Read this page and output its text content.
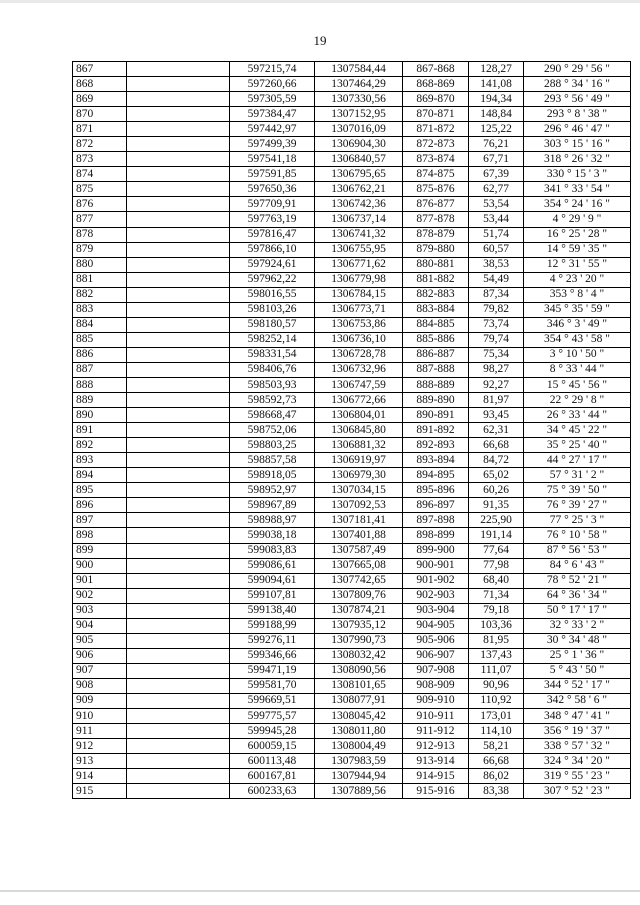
19
867		597215,74	1307584,44	867-868	128,27	290 ° 29 ' 56 "
868		597260,66	1307464,29	868-869	141,08	288 ° 34 ' 16 "
869		597305,59	1307330,56	869-870	194,34	293 ° 56 ' 49 "
870		597384,47	1307152,95	870-871	148,84	293 ° 8 ' 38 "
871		597442,97	1307016,09	871-872	125,22	296 ° 46 ' 47 "
872		597499,39	1306904,30	872-873	76,21	303 ° 15 ' 16 "
873		597541,18	1306840,57	873-874	67,71	318 ° 26 ' 32 "
874		597591,85	1306795,65	874-875	67,39	330 ° 15 ' 3 "
875		597650,36	1306762,21	875-876	62,77	341 ° 33 ' 54 "
876		597709,91	1306742,36	876-877	53,54	354 ° 24 ' 16 "
877		597763,19	1306737,14	877-878	53,44	4 ° 29 ' 9 "
878		597816,47	1306741,32	878-879	51,74	16 ° 25 ' 28 "
879		597866,10	1306755,95	879-880	60,57	14 ° 59 ' 35 "
880		597924,61	1306771,62	880-881	38,53	12 ° 31 ' 55 "
881		597962,22	1306779,98	881-882	54,49	4 ° 23 ' 20 "
882		598016,55	1306784,15	882-883	87,34	353 ° 8 ' 4 "
883		598103,26	1306773,71	883-884	79,82	345 ° 35 ' 59 "
884		598180,57	1306753,86	884-885	73,74	346 ° 3 ' 49 "
885		598252,14	1306736,10	885-886	79,74	354 ° 43 ' 58 "
886		598331,54	1306728,78	886-887	75,34	3 ° 10 ' 50 "
887		598406,76	1306732,96	887-888	98,27	8 ° 33 ' 44 "
888		598503,93	1306747,59	888-889	92,27	15 ° 45 ' 56 "
889		598592,73	1306772,66	889-890	81,97	22 ° 29 ' 8 "
890		598668,47	1306804,01	890-891	93,45	26 ° 33 ' 44 "
891		598752,06	1306845,80	891-892	62,31	34 ° 45 ' 22 "
892		598803,25	1306881,32	892-893	66,68	35 ° 25 ' 40 "
893		598857,58	1306919,97	893-894	84,72	44 ° 27 ' 17 "
894		598918,05	1306979,30	894-895	65,02	57 ° 31 ' 2 "
895		598952,97	1307034,15	895-896	60,26	75 ° 39 ' 50 "
896		598967,89	1307092,53	896-897	91,35	76 ° 39 ' 27 "
897		598988,97	1307181,41	897-898	225,90	77 ° 25 ' 3 "
898		599038,18	1307401,88	898-899	191,14	76 ° 10 ' 58 "
899		599083,83	1307587,49	899-900	77,64	87 ° 56 ' 53 "
900		599086,61	1307665,08	900-901	77,98	84 ° 6 ' 43 "
901		599094,61	1307742,65	901-902	68,40	78 ° 52 ' 21 "
902		599107,81	1307809,76	902-903	71,34	64 ° 36 ' 34 "
903		599138,40	1307874,21	903-904	79,18	50 ° 17 ' 17 "
904		599188,99	1307935,12	904-905	103,36	32 ° 33 ' 2 "
905		599276,11	1307990,73	905-906	81,95	30 ° 34 ' 48 "
906		599346,66	1308032,42	906-907	137,43	25 ° 1 ' 36 "
907		599471,19	1308090,56	907-908	111,07	5 ° 43 ' 50 "
908		599581,70	1308101,65	908-909	90,96	344 ° 52 ' 17 "
909		599669,51	1308077,91	909-910	110,92	342 ° 58 ' 6 "
910		599775,57	1308045,42	910-911	173,01	348 ° 47 ' 41 "
911		599945,28	1308011,80	911-912	114,10	356 ° 19 ' 37 "
912		600059,15	1308004,49	912-913	58,21	338 ° 57 ' 32 "
913		600113,48	1307983,59	913-914	66,68	324 ° 34 ' 20 "
914		600167,81	1307944,94	914-915	86,02	319 ° 55 ' 23 "
915		600233,63	1307889,56	915-916	83,38	307 ° 52 ' 23 "
